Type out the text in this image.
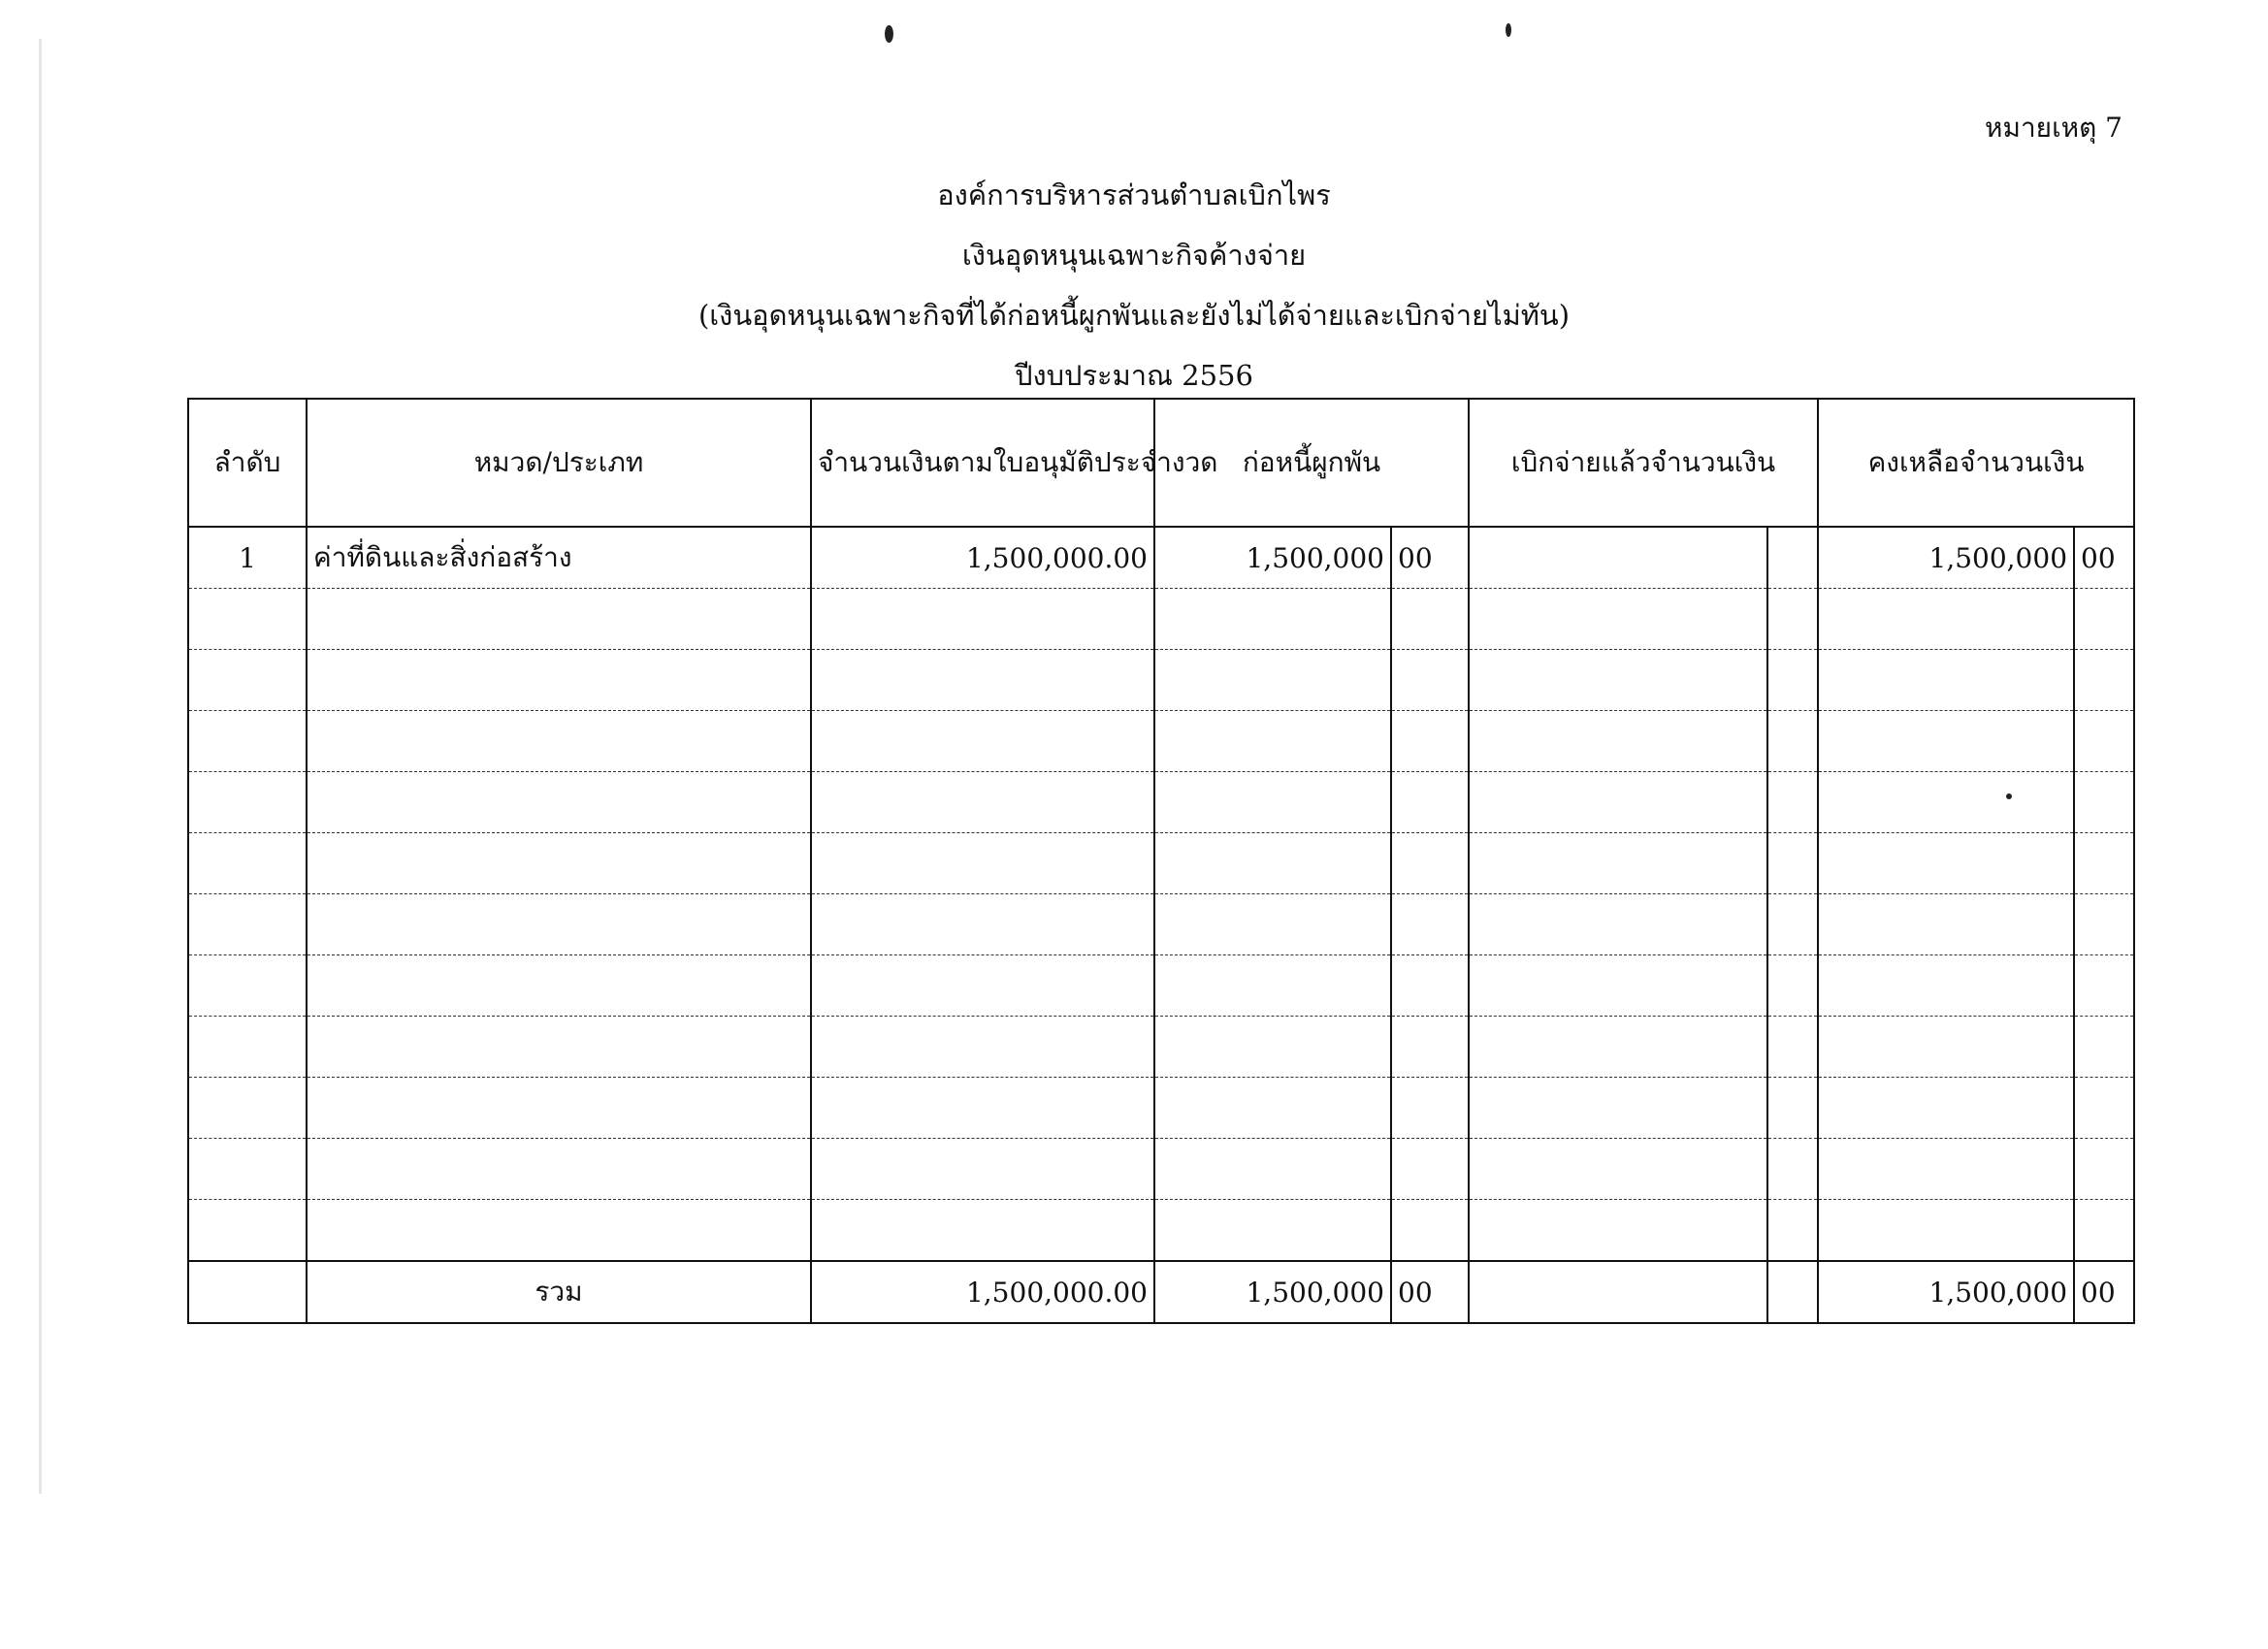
หมายเหตุ 7
องค์การบริหารส่วนตำบลเบิกไพร
เงินอุดหนุนเฉพาะกิจค้างจ่าย
(เงินอุดหนุนเฉพาะกิจที่ได้ก่อหนี้ผูกพันและยังไม่ได้จ่ายและเบิกจ่ายไม่ทัน)
ปีงบประมาณ 2556
ลำดับ	หมวด/ประเภท	จำนวนเงินตามใบอนุมัติประจำงวด	ก่อหนี้ผูกพัน		เบิกจ่ายแล้วจำนวนเงิน		คงเหลือจำนวนเงิน	
1	ค่าที่ดินและสิ่งก่อสร้าง	1,500,000.00	1,500,000	00			1,500,000	00

	รวม	1,500,000.00	1,500,000	00			1,500,000	00
